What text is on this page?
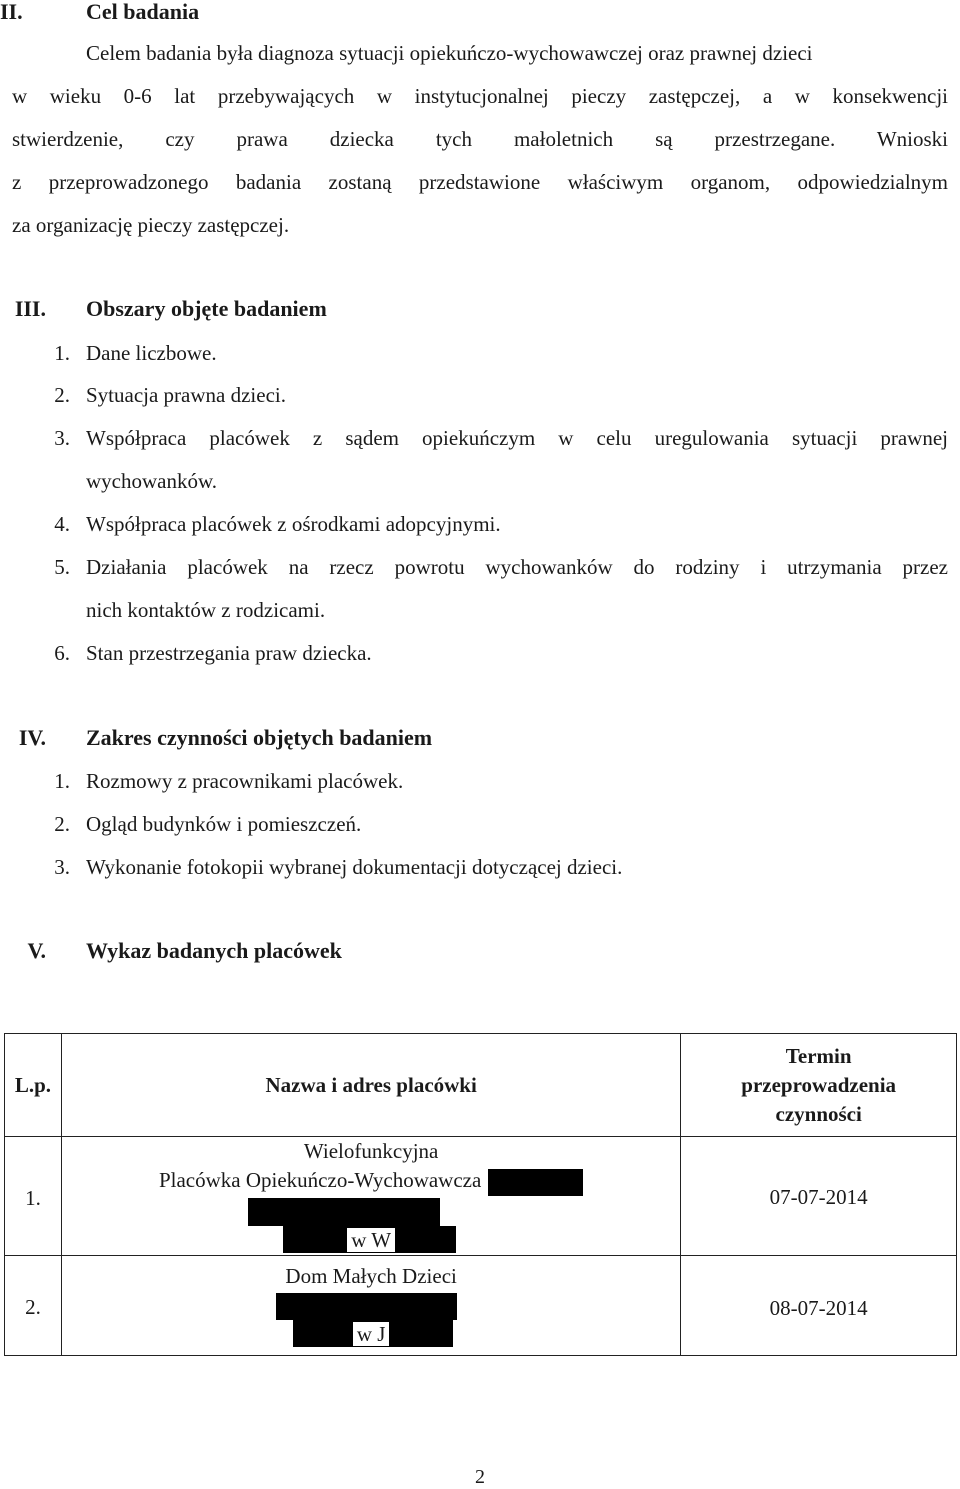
II.	Cel badania
Celem badania była diagnoza sytuacji opiekuńczo-wychowawczej oraz prawnej dzieci
w wieku 0-6 lat przebywających w instytucjonalnej pieczy zastępczej, a w konsekwencji
stwierdzenie, czy prawa dziecka tych małoletnich są przestrzegane. Wnioski
z przeprowadzonego badania zostaną przedstawione właściwym organom, odpowiedzialnym
za organizację pieczy zastępczej.
III. Obszary objęte badaniem
1. Dane liczbowe.
2. Sytuacja prawna dzieci.
3. Współpraca placówek z sądem opiekuńczym w celu uregulowania sytuacji prawnej
wychowanków.
4. Współpraca placówek z ośrodkami adopcyjnymi.
5. Działania placówek na rzecz powrotu wychowanków do rodziny i utrzymania przez
nich kontaktów z rodzicami.
6. Stan przestrzegania praw dziecka.
IV. Zakres czynności objętych badaniem
1. Rozmowy z pracownikami placówek.
2. Ogląd budynków i pomieszczeń.
3. Wykonanie fotokopii wybranej dokumentacji dotyczącej dzieci.
V. Wykaz badanych placówek
L.p.	Nazwa i adres placówki	Termin
przeprowadzenia
czynności

1.	Wielofunkcyjna
Placówka Opiekuńczo-Wychowawcza
w W	07-07-2014
2.	Dom Małych Dzieci
w J	08-07-2014
2
